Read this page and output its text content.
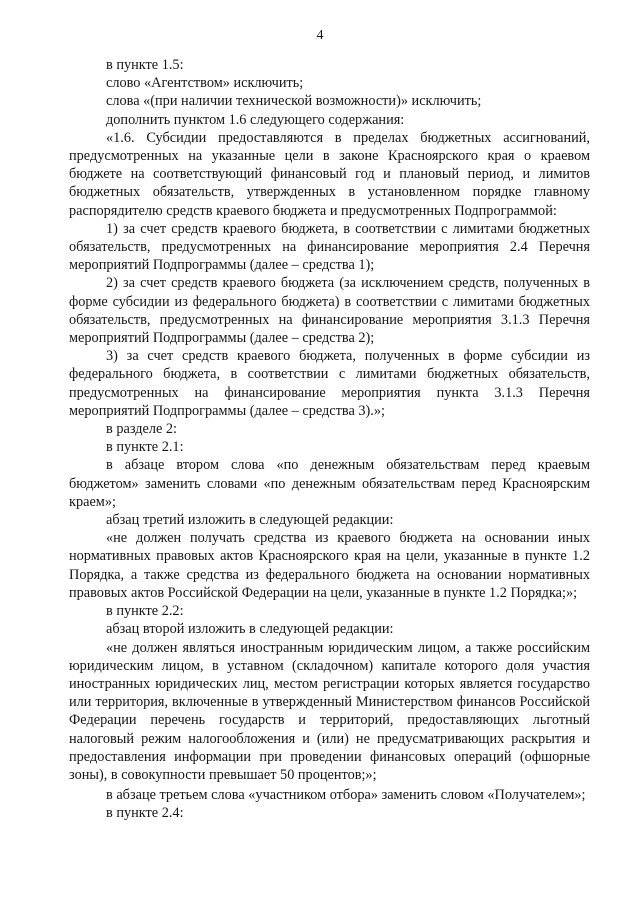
4

в пункте 1.5:

слово «Агентством» исключить;

слова «(при наличии технической возможности)» исключить;

дополнить пунктом 1.6 следующего содержания:

«1.6. Субсидии предоставляются в пределах бюджетных ассигнований, предусмотренных на указанные цели в законе Красноярского края о краевом бюджете на соответствующий финансовый год и плановый период, и лимитов бюджетных обязательств, утвержденных в установленном порядке главному распорядителю средств краевого бюджета и предусмотренных Подпрограммой:

1) за счет средств краевого бюджета, в соответствии с лимитами бюджетных обязательств, предусмотренных на финансирование мероприятия 2.4 Перечня мероприятий Подпрограммы (далее – средства 1);

2) за счет средств краевого бюджета (за исключением средств, полученных в форме субсидии из федерального бюджета) в соответствии с лимитами бюджетных обязательств, предусмотренных на финансирование мероприятия 3.1.3 Перечня мероприятий Подпрограммы (далее – средства 2);

3) за счет средств краевого бюджета, полученных в форме субсидии из федерального бюджета, в соответствии с лимитами бюджетных обязательств, предусмотренных на финансирование мероприятия пункта 3.1.3 Перечня мероприятий Подпрограммы (далее – средства 3).»;

в разделе 2:

в пункте 2.1:

в абзаце втором слова «по денежным обязательствам перед краевым бюджетом» заменить словами «по денежным обязательствам перед Красноярским краем»;

абзац третий изложить в следующей редакции:

«не должен получать средства из краевого бюджета на основании иных нормативных правовых актов Красноярского края на цели, указанные в пункте 1.2 Порядка, а также средства из федерального бюджета на основании нормативных правовых актов Российской Федерации на цели, указанные в пункте 1.2 Порядка;»;

в пункте 2.2:

абзац второй изложить в следующей редакции:

«не должен являться иностранным юридическим лицом, а также российским юридическим лицом, в уставном (складочном) капитале которого доля участия иностранных юридических лиц, местом регистрации которых является государство или территория, включенные в утвержденный Министерством финансов Российской Федерации перечень государств и территорий, предоставляющих льготный налоговый режим налогообложения и (или) не предусматривающих раскрытия и предоставления информации при проведении финансовых операций (офшорные зоны), в совокупности превышает 50 процентов;»;

в абзаце третьем слова «участником отбора» заменить словом «Получателем»;

в пункте 2.4:
